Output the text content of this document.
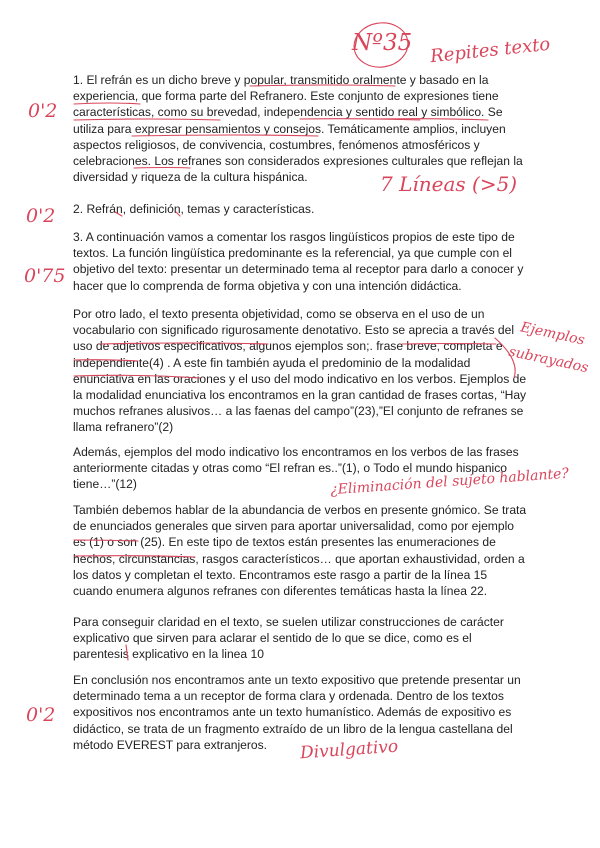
1. El refrán es un dicho breve y popular, transmitido oralmente y basado en la
experiencia, que forma parte del Refranero. Este conjunto de expresiones tiene
características, como su brevedad, independencia y sentido real y simbólico. Se
utiliza para expresar pensamientos y consejos. Temáticamente amplios, incluyen
aspectos religiosos, de convivencia, costumbres, fenómenos atmosféricos y
celebraciones. Los refranes son considerados expresiones culturales que reflejan la
diversidad y riqueza de la cultura hispánica.
2. Refrán, definición, temas y características.
3. A continuación vamos a comentar los rasgos lingüísticos propios de este tipo de
textos. La función lingüística predominante es la referencial, ya que cumple con el
objetivo del texto: presentar un determinado tema al receptor para darlo a conocer y
hacer que lo comprenda de forma objetiva y con una intención didáctica.
Por otro lado, el texto presenta objetividad, como se observa en el uso de un
vocabulario con significado rigurosamente denotativo. Esto se aprecia a través del
uso de adjetivos especificativos, algunos ejemplos son;. frase breve, completa e
independiente(4) . A este fin también ayuda el predominio de la modalidad
enunciativa en las oraciones y el uso del modo indicativo en los verbos. Ejemplos de
la modalidad enunciativa los encontramos en la gran cantidad de frases cortas, “Hay
muchos refranes alusivos… a las faenas del campo”(23),”El conjunto de refranes se
llama refranero”(2)
Además, ejemplos del modo indicativo los encontramos en los verbos de las frases
anteriormente citadas y otras como “El refran es..”(1), o Todo el mundo hispanico
tiene…”(12)
También debemos hablar de la abundancia de verbos en presente gnómico. Se trata
de enunciados generales que sirven para aportar universalidad, como por ejemplo
es (1) o son (25). En este tipo de textos están presentes las enumeraciones de
hechos, circunstancias, rasgos característicos… que aportan exhaustividad, orden a
los datos y completan el texto. Encontramos este rasgo a partir de la línea 15
cuando enumera algunos refranes con diferentes temáticas hasta la línea 22.
Para conseguir claridad en el texto, se suelen utilizar construcciones de carácter
explicativo que sirven para aclarar el sentido de lo que se dice, como es el
parentesis explicativo en la linea 10
En conclusión nos encontramos ante un texto expositivo que pretende presentar un
determinado tema a un receptor de forma clara y ordenada. Dentro de los textos
expositivos nos encontramos ante un texto humanístico. Además de expositivo es
didáctico, se trata de un fragmento extraído de un libro de la lengua castellana del
método EVEREST para extranjeros.
Nº35 Repites texto
0'2
7 Líneas (>5)
0'2
0'75
Ejemplos
subrayados
¿Eliminación del sujeto hablante?
0'2
Divulgativo
